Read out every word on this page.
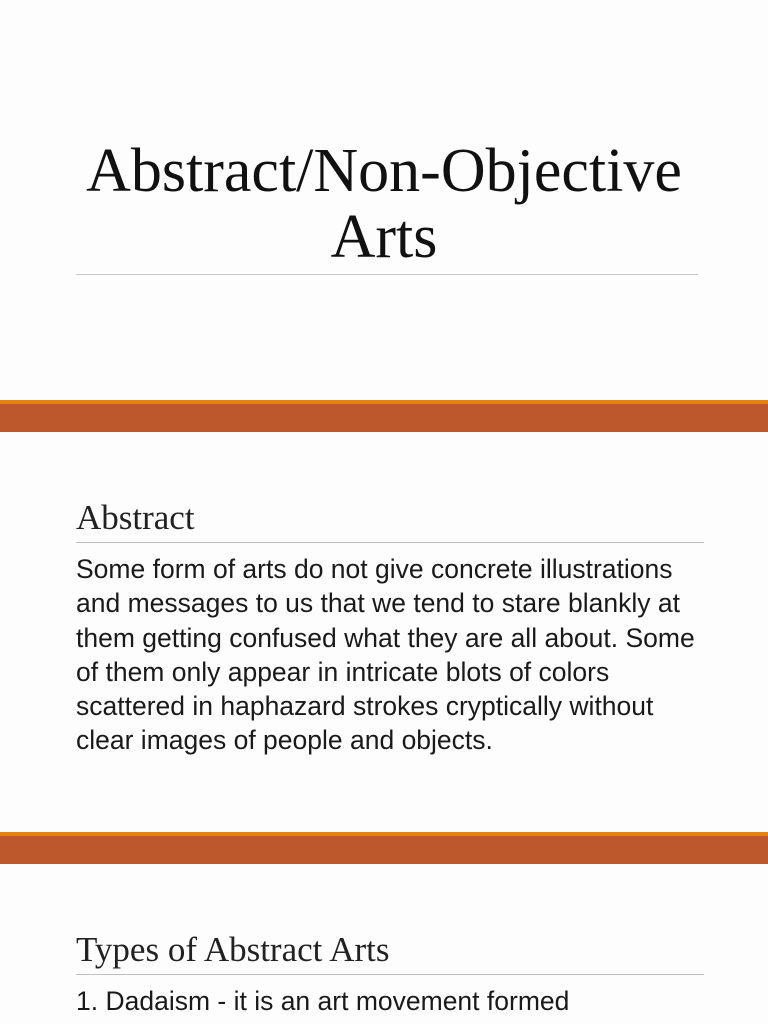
Abstract/Non-Objective Arts
Abstract

Some form of arts do not give concrete illustrations and messages to us that we tend to stare blankly at them getting confused what they are all about. Some of them only appear in intricate blots of colors scattered in haphazard strokes cryptically without clear images of people and objects.

Types of Abstract Arts

1. Dadaism - it is an art movement formed
